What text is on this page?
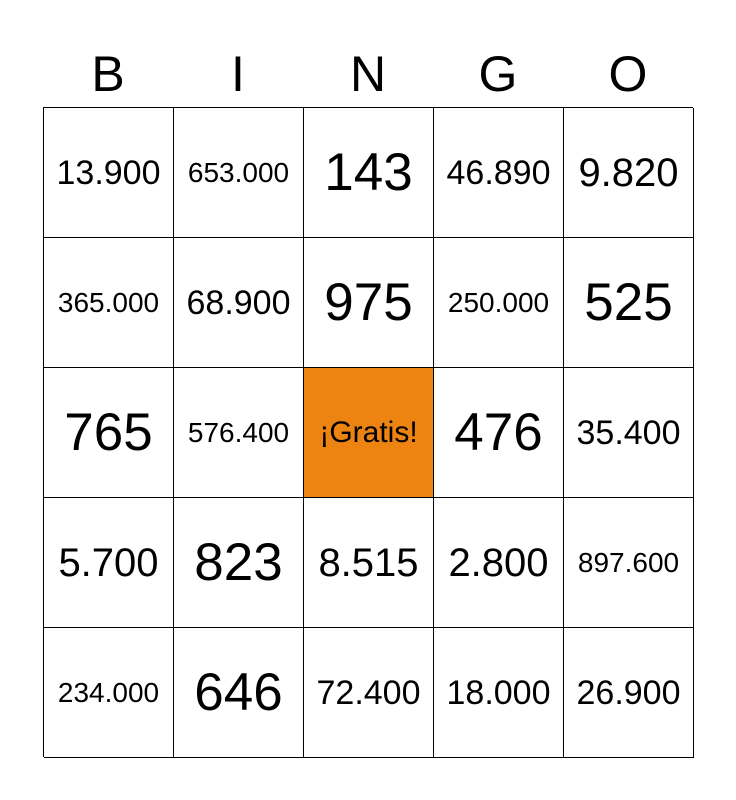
B	I	N	G	O
13.900 653.000 143 46.890 9.820
365.000 68.900 975	250.000 525
765	576.400	¡Gratis! 476 35.400
5.700 823 8.515 2.800	897.600
234.000 646 72.400 18.000 26.900
